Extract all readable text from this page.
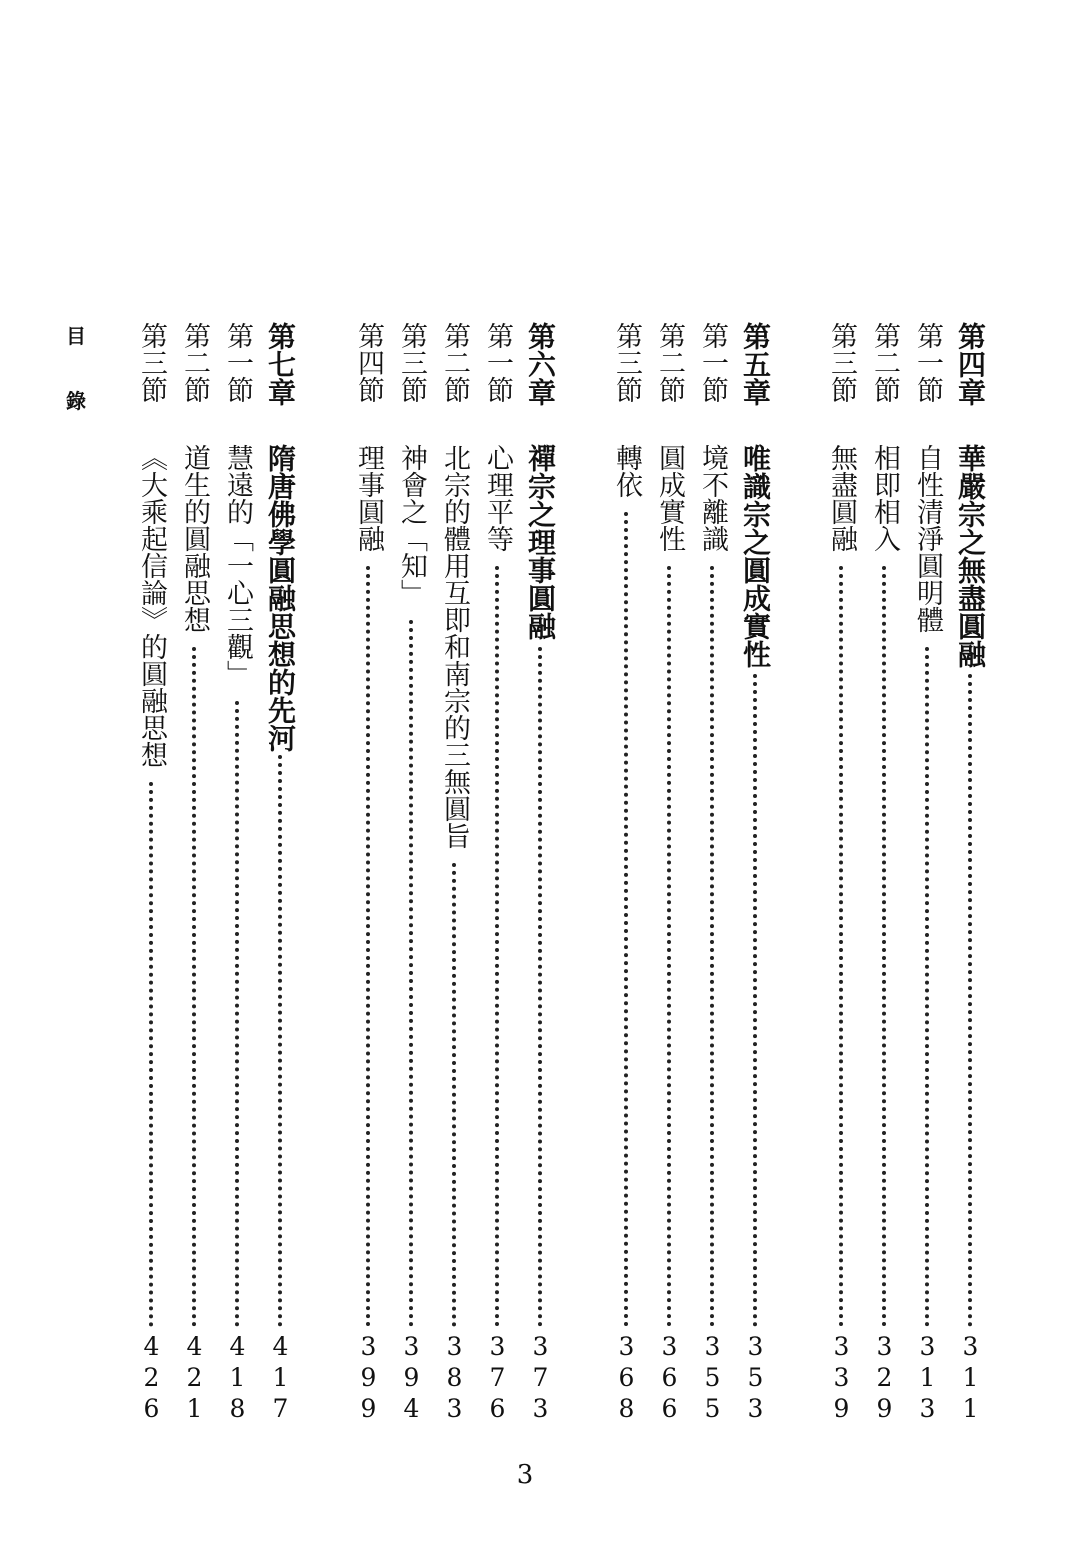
目
錄	第四章
華嚴宗之無盡圓融
311
第一節
自性清淨圓明體
313
第二節
相即相入
329
第三節
無盡圓融
339
第五章
唯識宗之圓成實性
353
第一節
境不離識
355
第二節
圓成實性
366
第三節
轉依
368
第六章
禪宗之理事圓融
373
第一節
心理平等
376
第二節
北宗的體用互即和南宗的三無圓旨
383
第三節
神會之「知」
394
第四節
理事圓融
399
第七章
隋唐佛學圓融思想的先河
417
第一節
慧遠的「一心三觀」
418
第二節
道生的圓融思想
421
第三節
《大乘起信論》的圓融思想
426
3
